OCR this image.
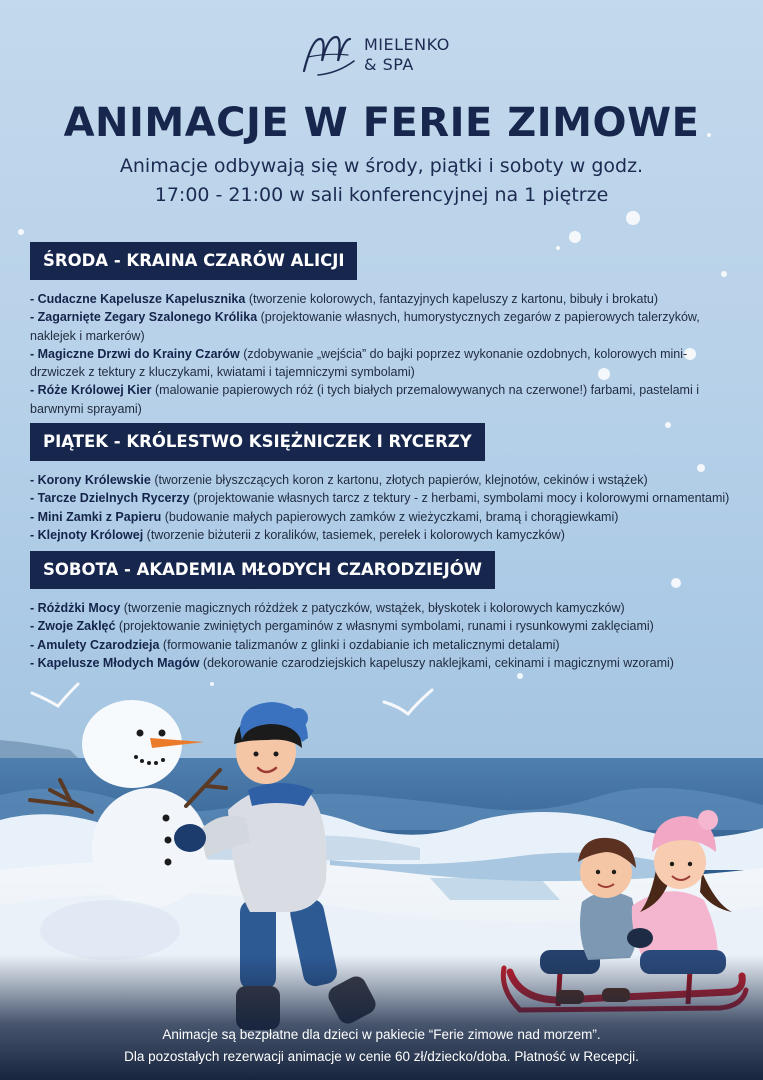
MIELENKO
& SPA
ANIMACJE W FERIE ZIMOWE
Animacje odbywają się w środy, piątki i soboty w godz.
17:00 - 21:00 w sali konferencyjnej na 1 piętrze
ŚRODA - KRAINA CZARÓW ALICJI
- Cudaczne Kapelusze Kapelusznika (tworzenie kolorowych, fantazyjnych kapeluszy z kartonu, bibuły i brokatu)
- Zagarnięte Zegary Szalonego Królika (projektowanie własnych, humorystycznych zegarów z papierowych talerzyków, naklejek i markerów)
- Magiczne Drzwi do Krainy Czarów (zdobywanie „wejścia” do bajki poprzez wykonanie ozdobnych, kolorowych mini-drzwiczek z tektury z kluczykami, kwiatami i tajemniczymi symbolami)
- Róże Królowej Kier (malowanie papierowych róż (i tych białych przemalowywanych na czerwone!) farbami, pastelami i barwnymi sprayami)
PIĄTEK - KRÓLESTWO KSIĘŻNICZEK I RYCERZY
- Korony Królewskie (tworzenie błyszczących koron z kartonu, złotych papierów, klejnotów, cekinów i wstążek)
- Tarcze Dzielnych Rycerzy (projektowanie własnych tarcz z tektury - z herbami, symbolami mocy i kolorowymi ornamentami)
- Mini Zamki z Papieru (budowanie małych papierowych zamków z wieżyczkami, bramą i chorągiewkami)
- Klejnoty Królowej (tworzenie biżuterii z koralików, tasiemek, perełek i kolorowych kamyczków)
SOBOTA - AKADEMIA MŁODYCH CZARODZIEJÓW
- Różdżki Mocy (tworzenie magicznych różdżek z patyczków, wstążek, błyskotek i kolorowych kamyczków)
- Zwoje Zaklęć (projektowanie zwiniętych pergaminów z własnymi symbolami, runami i rysunkowymi zaklęciami)
- Amulety Czarodzieja (formowanie talizmanów z glinki i ozdabianie ich metalicznymi detalami)
- Kapelusze Młodych Magów (dekorowanie czarodziejskich kapeluszy naklejkami, cekinami i magicznymi wzorami)
Animacje są bezpłatne dla dzieci w pakiecie “Ferie zimowe nad morzem”.
Dla pozostałych rezerwacji animacje w cenie 60 zł/dziecko/doba. Płatność w Recepcji.
